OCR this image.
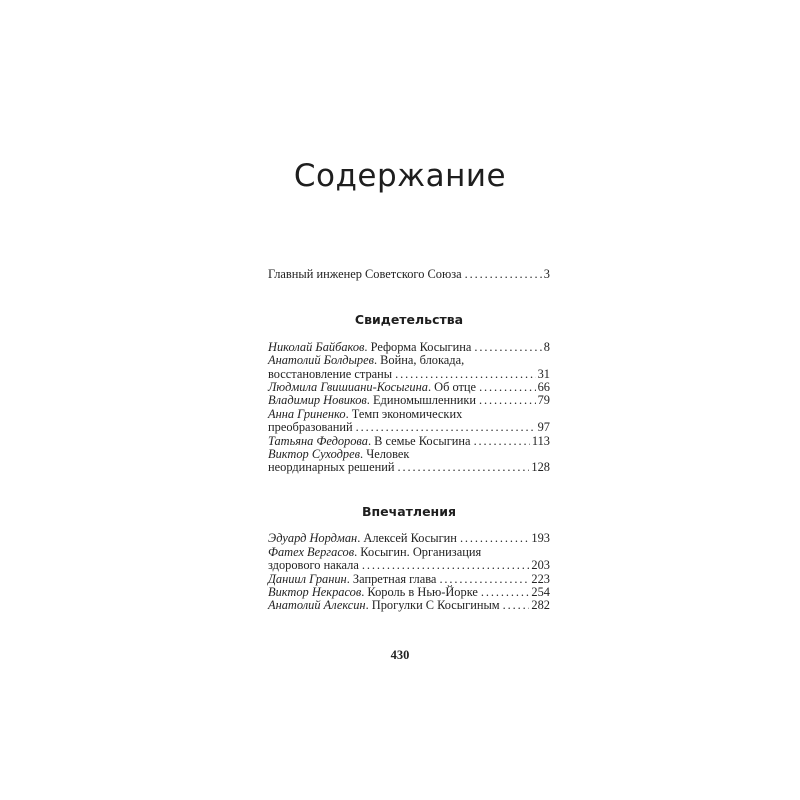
Содержание
Главный инженер Советского Союза . . .	3
Свидетельства
Николай Байбаков . Реформа Косыгина . . .	8
Анатолий Болдырев . Война, блокада,
восстановление страны . . .	31
Людмила Гвишиани-Косыгина . Об отце . . .	66
Владимир Новиков . Единомышленники . . .	79
Анна Гриненко . Темп экономических
преобразований . . .	97
Татьяна Федорова . В семье Косыгина . . .	113
Виктор Суходрев . Человек
неординарных решений . . .	128
Впечатления
Эдуард Нордман . Алексей Косыгин . . .	193
Фатех Вергасов . Косыгин. Организация
здорового накала . . .	203
Даниил Гранин . Запретная глава . . .	223
Виктор Некрасов . Король в Нью-Йорке . . .	254
Анатолий Алексин . Прогулки С Косыгиным . . .	282
430
